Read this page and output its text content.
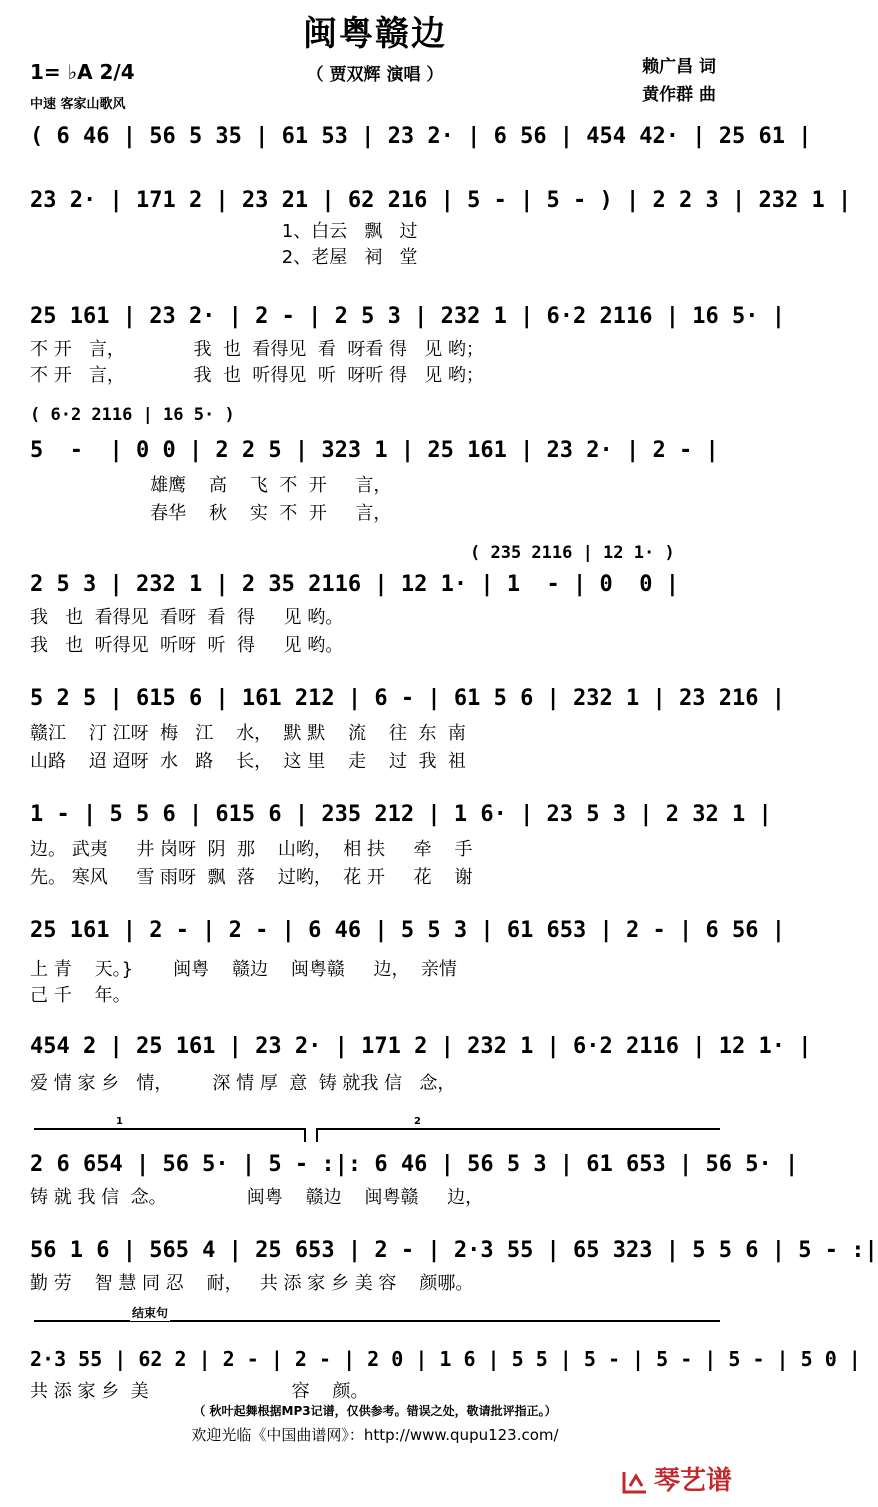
闽粤赣边
（ 贾双辉 演唱 ）
1= ♭A 2/4
中速 客家山歌风
赖广昌 词
黄作群 曲
( 6 46 | 56 5 35 | 61 53 | 23 2· | 6 56 | 454 42· | 25 61 |
23 2· | 171 2 | 23 21 | 62 216 | 5 - | 5 - ) | 2 2 3 | 232 1 |
1、白云   飘   过
2、老屋   祠   堂
25 161 | 23 2· | 2 - | 2 5 3 | 232 1 | 6·2 2116 | 16 5· |
不 开   言，            我  也  看得见  看  呀看 得   见 哟；
不 开   言，            我  也  听得见  听  呀听 得   见 哟；
( 6·2 2116 | 16 5· )
5  -  | 0 0 | 2 2 5 | 323 1 | 25 161 | 23 2· | 2 - |
雄鹰    高    飞  不  开     言，
春华    秋    实  不  开     言，
( 235 2116 | 12 1· )
2 5 3 | 232 1 | 2 35 2116 | 12 1· | 1  - | 0  0 |
我   也  看得见  看呀  看  得     见 哟。
我   也  听得见  听呀  听  得     见 哟。
5 2 5 | 615 6 | 161 212 | 6 - | 61 5 6 | 232 1 | 23 216 |
赣江    汀 江呀  梅   江    水，  默 默    流    往  东  南
山路    迢 迢呀  水   路    长，  这 里    走    过  我  祖
1 - | 5 5 6 | 615 6 | 235 212 | 1 6· | 23 5 3 | 2 32 1 |
边。 武夷     井 岗呀  阴  那    山哟，  相 扶     牵    手
先。 寒风     雪 雨呀  飘  落    过哟，  花 开     花    谢
25 161 | 2 - | 2 - | 6 46 | 5 5 3 | 61 653 | 2 - | 6 56 |
上 青    天。}       闽粤    赣边    闽粤赣     边，  亲情
己 千    年。
454 2 | 25 161 | 23 2· | 171 2 | 232 1 | 6·2 2116 | 12 1· |
爱 情 家 乡   情，       深 情 厚  意  铸 就我 信   念，
1	2
2 6 654 | 56 5· | 5 - :|: 6 46 | 56 5 3 | 61 653 | 56 5· |
铸 就 我 信  念。              闽粤    赣边    闽粤赣     边，
56 1 6 | 565 4 | 25 653 | 2 - | 2·3 55 | 65 323 | 5 5 6 | 5 - :|
勤 劳    智 慧 同 忍    耐，   共 添 家 乡 美 容    颜哪。
结束句
2·3 55 | 62 2 | 2 - | 2 - | 2 0 | 1 6 | 5 5 | 5 - | 5 - | 5 - | 5 0 |
共 添 家 乡  美                         容    颜。
（ 秋叶起舞根据MP3记谱，仅供参考。错误之处，敬请批评指正。）
欢迎光临《中国曲谱网》：http://www.qupu123.com/
琴艺谱
